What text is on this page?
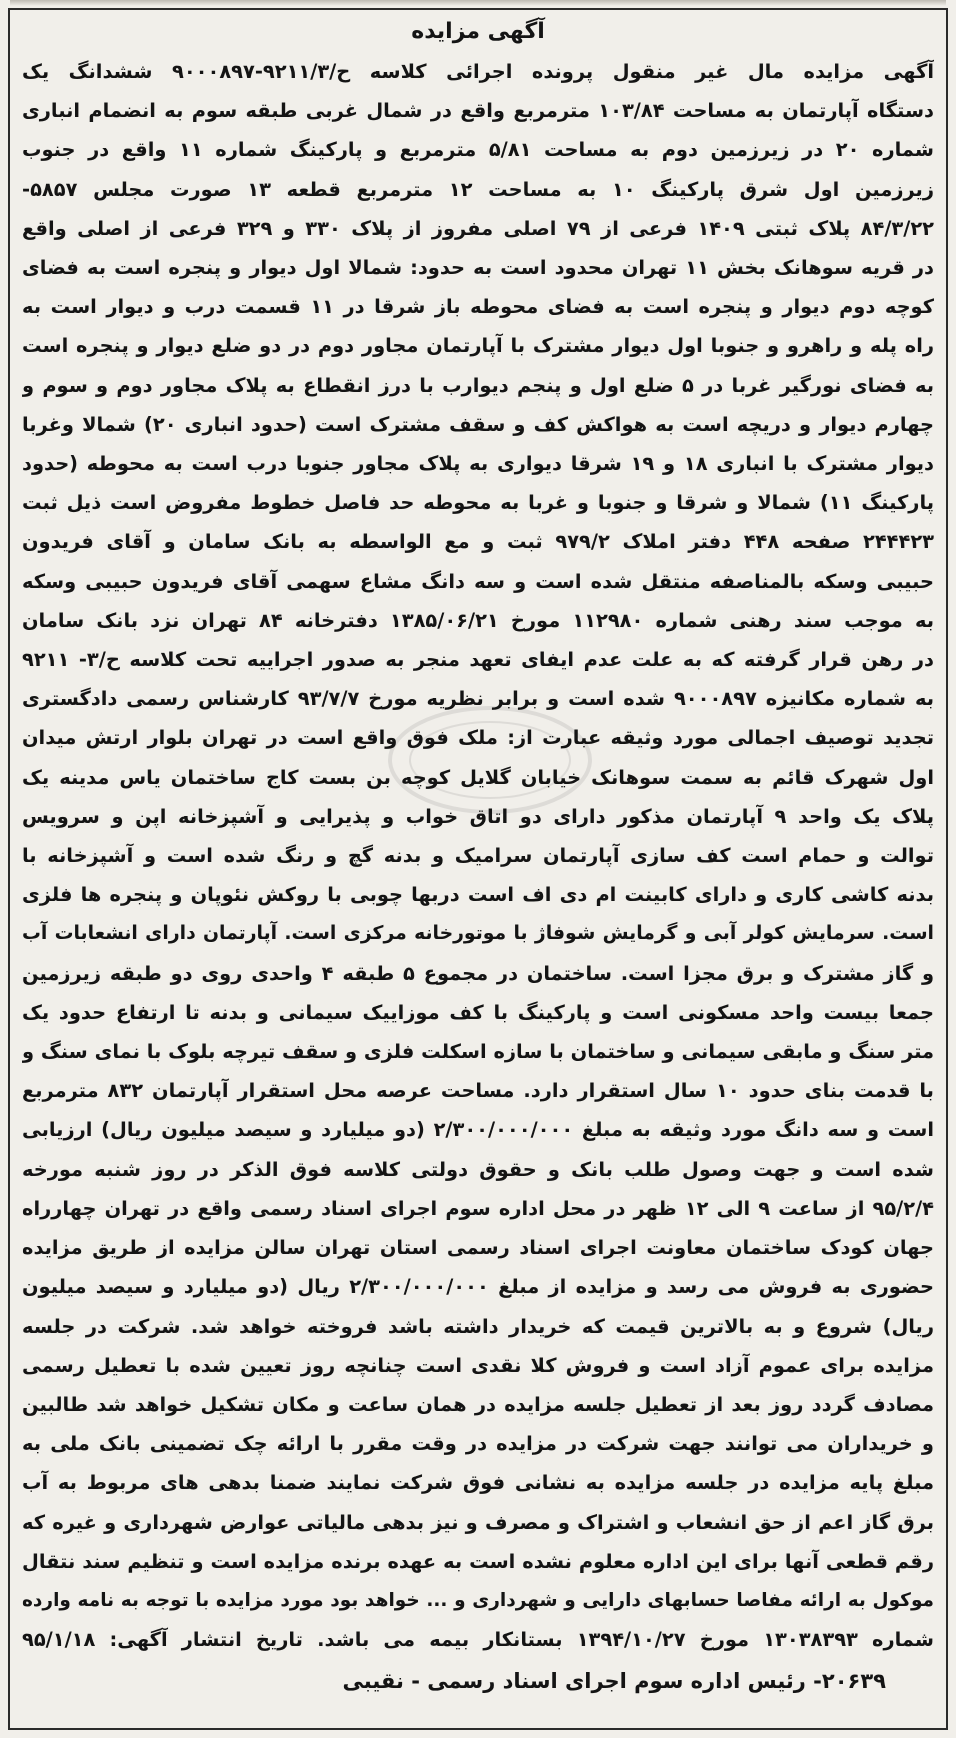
آگهی مزایده
آگهی مزایده مال غیر منقول پرونده اجرائی کلاسه ح/۹۲۱۱/۳-۹۰۰۰۸۹۷ ششدانگ یک
دستگاه آپارتمان به مساحت ۱۰۳/۸۴ مترمربع واقع در شمال غربی طبقه سوم به انضمام انباری
شماره ۲۰ در زیرزمین دوم به مساحت ۵/۸۱ مترمربع و پارکینگ شماره ۱۱ واقع در جنوب
زیرزمین اول شرق پارکینگ ۱۰ به مساحت ۱۲ مترمربع قطعه ۱۳ صورت مجلس ۵۸۵۷-
۸۴/۳/۲۲ پلاک ثبتی ۱۴۰۹ فرعی از ۷۹ اصلی مفروز از پلاک ۳۳۰ و ۳۲۹ فرعی از اصلی واقع
در قریه سوهانک بخش ۱۱ تهران محدود است به حدود: شمالا اول دیوار و پنجره است به فضای
کوچه دوم دیوار و پنجره است به فضای محوطه باز شرقا در ۱۱ قسمت درب و دیوار است به
راه پله و راهرو و جنوبا اول دیوار مشترک با آپارتمان مجاور دوم در دو ضلع دیوار و پنجره است
به فضای نورگیر غربا در ۵ ضلع اول و پنجم دیوارب با درز انقطاع به پلاک مجاور دوم و سوم و
چهارم دیوار و دریچه است به هواکش کف و سقف مشترک است (حدود انباری ۲۰) شمالا وغربا
دیوار مشترک با انباری ۱۸ و ۱۹ شرقا دیواری به پلاک مجاور جنوبا درب است به محوطه (حدود
پارکینگ ۱۱) شمالا و شرقا و جنوبا و غربا به محوطه حد فاصل خطوط مفروض است ذیل ثبت
۲۴۴۴۲۳ صفحه ۴۴۸ دفتر املاک ۹۷۹/۲ ثبت و مع الواسطه به بانک سامان و آقای فریدون
حبیبی وسکه بالمناصفه منتقل شده است و سه دانگ مشاع سهمی آقای فریدون حبیبی وسکه
به موجب سند رهنی شماره ۱۱۲۹۸۰ مورخ ۱۳۸۵/۰۶/۲۱ دفترخانه ۸۴ تهران نزد بانک سامان
در رهن قرار گرفته که به علت عدم ایفای تعهد منجر به صدور اجراییه تحت کلاسه ح/۳- ۹۲۱۱
به شماره مکانیزه ۹۰۰۰۸۹۷ شده است و برابر نظریه مورخ ۹۳/۷/۷ کارشناس رسمی دادگستری
تجدید توصیف اجمالی مورد وثیقه عبارت از: ملک فوق واقع است در تهران بلوار ارتش میدان
اول شهرک قائم به سمت سوهانک خیابان گلایل کوچه بن بست کاج ساختمان یاس مدینه یک
پلاک یک واحد ۹ آپارتمان مذکور دارای دو اتاق خواب و پذیرایی و آشپزخانه اپن و سرویس
توالت و حمام است کف سازی آپارتمان سرامیک و بدنه گچ و رنگ شده است و آشپزخانه با
بدنه کاشی کاری و دارای کابینت ام دی اف است دربها چوبی با روکش نئوپان و پنجره ها فلزی
است. سرمایش کولر آبی و گرمایش شوفاژ با موتورخانه مرکزی است. آپارتمان دارای انشعابات آب
و گاز مشترک و برق مجزا است. ساختمان در مجموع ۵ طبقه ۴ واحدی روی دو طبقه زیرزمین
جمعا بیست واحد مسکونی است و پارکینگ با کف موزاییک سیمانی و بدنه تا ارتفاع حدود یک
متر سنگ و مابقی سیمانی و ساختمان با سازه اسکلت فلزی و سقف تیرچه بلوک با نمای سنگ و
با قدمت بنای حدود ۱۰ سال استقرار دارد. مساحت عرصه محل استقرار آپارتمان ۸۳۲ مترمربع
است و سه دانگ مورد وثیقه به مبلغ ۲/۳۰۰/۰۰۰/۰۰۰ (دو میلیارد و سیصد میلیون ریال) ارزیابی
شده است و جهت وصول طلب بانک و حقوق دولتی کلاسه فوق الذکر در روز شنبه مورخه
۹۵/۲/۴ از ساعت ۹ الی ۱۲ ظهر در محل اداره سوم اجرای اسناد رسمی واقع در تهران چهارراه
جهان کودک ساختمان معاونت اجرای اسناد رسمی استان تهران سالن مزایده از طریق مزایده
حضوری به فروش می رسد و مزایده از مبلغ ۲/۳۰۰/۰۰۰/۰۰۰ ریال (دو میلیارد و سیصد میلیون
ریال) شروع و به بالاترین قیمت که خریدار داشته باشد فروخته خواهد شد. شرکت در جلسه
مزایده برای عموم آزاد است و فروش کلا نقدی است چنانچه روز تعیین شده با تعطیل رسمی
مصادف گردد روز بعد از تعطیل جلسه مزایده در همان ساعت و مکان تشکیل خواهد شد طالبین
و خریداران می توانند جهت شرکت در مزایده در وقت مقرر با ارائه چک تضمینی بانک ملی به
مبلغ پایه مزایده در جلسه مزایده به نشانی فوق شرکت نمایند ضمنا بدهی های مربوط به آب
برق گاز اعم از حق انشعاب و اشتراک و مصرف و نیز بدهی مالیاتی عوارض شهرداری و غیره که
رقم قطعی آنها برای این اداره معلوم نشده است به عهده برنده مزایده است و تنظیم سند نتقال
موکول به ارائه مفاصا حسابهای دارایی و شهرداری و ... خواهد بود مورد مزایده با توجه به نامه وارده
شماره ۱۳۰۳۸۳۹۳ مورخ ۱۳۹۴/۱۰/۲۷ بستانکار بیمه می باشد. تاریخ انتشار آگهی: ۹۵/۱/۱۸
۲۰۶۳۹- رئیس اداره سوم اجرای اسناد رسمی - نقیبی
